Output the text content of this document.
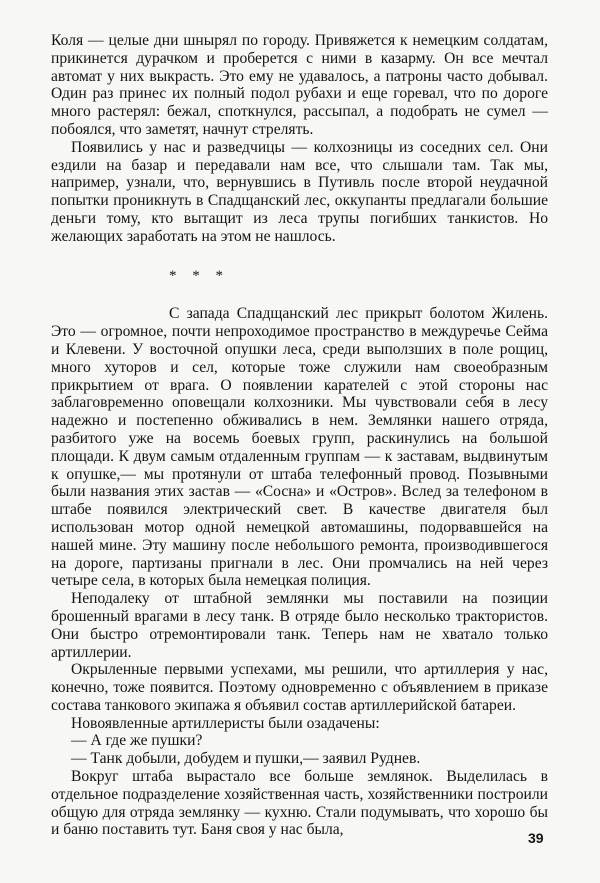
Коля — целые дни шнырял по городу. Привяжется к немецким солдатам, прикинется дурачком и проберется с ними в казарму. Он все мечтал автомат у них выкрасть. Это ему не удавалось, а патроны часто добывал. Один раз принес их полный подол рубахи и еще горевал, что по дороге много растерял: бежал, споткнулся, рассыпал, а подобрать не сумел — побоялся, что заметят, начнут стрелять.

Появились у нас и разведчицы — колхозницы из соседних сел. Они ездили на базар и передавали нам все, что слышали там. Так мы, например, узнали, что, вернувшись в Путивль после второй неудачной попытки проникнуть в Спадщанский лес, оккупанты предлагали большие деньги тому, кто вытащит из леса трупы погибших танкистов. Но желающих заработать на этом не нашлось.

* * *

С запада Спадщанский лес прикрыт болотом Жилень. Это — огромное, почти непроходимое пространство в междуречье Сейма и Клевени. У восточной опушки леса, среди выползших в поле рощиц, много хуторов и сел, которые тоже служили нам своеобразным прикрытием от врага. О появлении карателей с этой стороны нас заблаговременно оповещали колхозники. Мы чувствовали себя в лесу надежно и постепенно обживались в нем. Землянки нашего отряда, разбитого уже на восемь боевых групп, раскинулись на большой площади. К двум самым отдаленным группам — к заставам, выдвинутым к опушке,— мы протянули от штаба телефонный провод. Позывными были названия этих застав — «Сосна» и «Остров». Вслед за телефоном в штабе появился электрический свет. В качестве двигателя был использован мотор одной немецкой автомашины, подорвавшейся на нашей мине. Эту машину после небольшого ремонта, производившегося на дороге, партизаны пригнали в лес. Они промчались на ней через четыре села, в которых была немецкая полиция.

Неподалеку от штабной землянки мы поставили на позиции брошенный врагами в лесу танк. В отряде было несколько трактористов. Они быстро отремонтировали танк. Теперь нам не хватало только артиллерии.

Окрыленные первыми успехами, мы решили, что артиллерия у нас, конечно, тоже появится. Поэтому одновременно с объявлением в приказе состава танкового экипажа я объявил состав артиллерийской батареи.

Новоявленные артиллеристы были озадачены:

— А где же пушки?

— Танк добыли, добудем и пушки,— заявил Руднев.

Вокруг штаба вырастало все больше землянок. Выделилась в отдельное подразделение хозяйственная часть, хозяйственники построили общую для отряда землянку — кухню. Стали подумывать, что хорошо бы и баню поставить тут. Баня своя у нас была,	39
